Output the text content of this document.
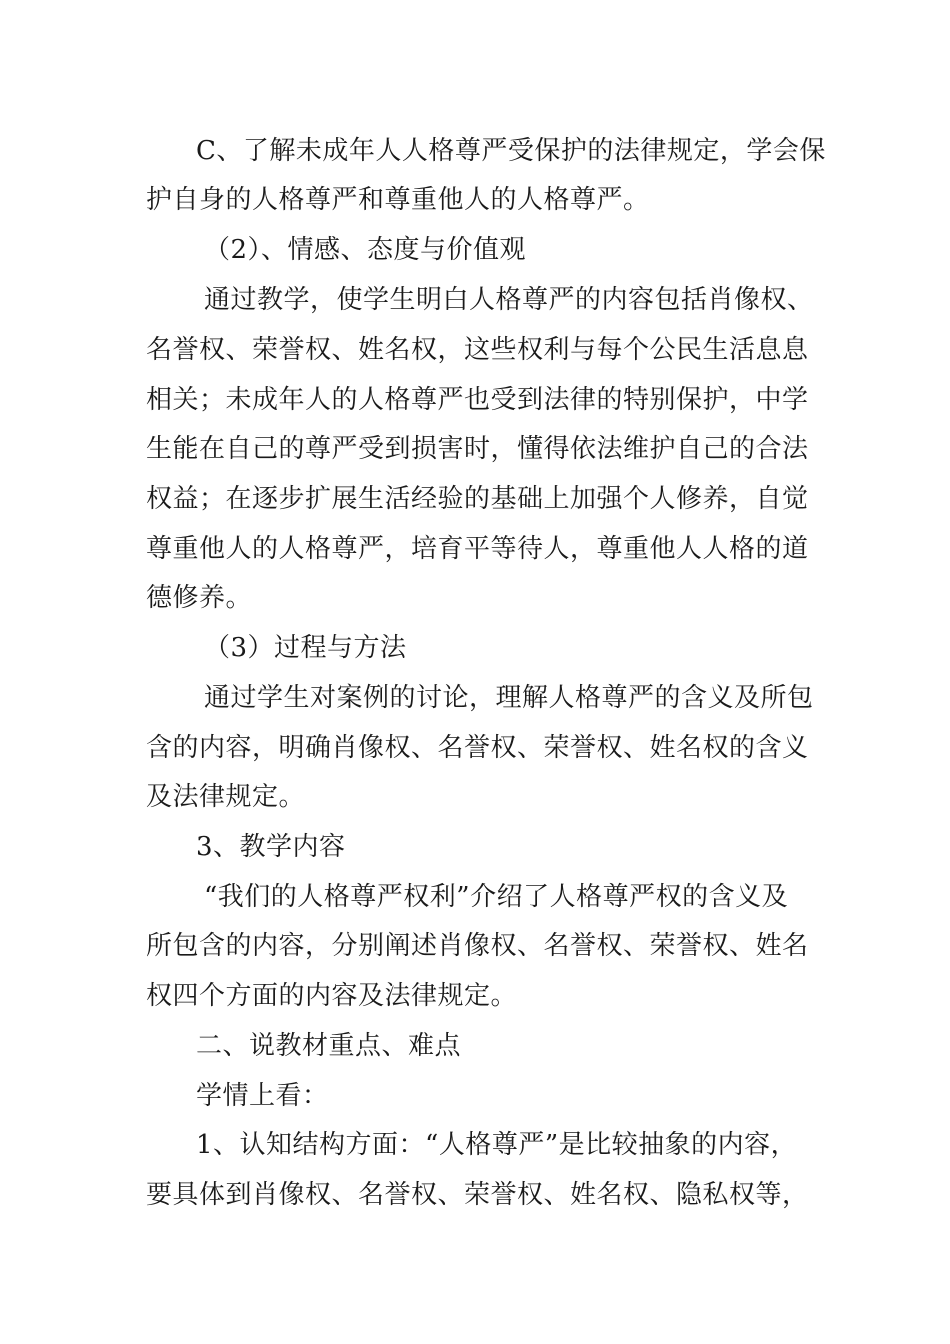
C、了解未成年人人格尊严受保护的法律规定，学会保
护自身的人格尊严和尊重他人的人格尊严。
（2）、情感、态度与价值观
通过教学，使学生明白人格尊严的内容包括肖像权、
名誉权、荣誉权、姓名权，这些权利与每个公民生活息息
相关；未成年人的人格尊严也受到法律的特别保护，中学
生能在自己的尊严受到损害时，懂得依法维护自己的合法
权益；在逐步扩展生活经验的基础上加强个人修养，自觉
尊重他人的人格尊严，培育平等待人，尊重他人人格的道
德修养。
（3）过程与方法
通过学生对案例的讨论，理解人格尊严的含义及所包
含的内容，明确肖像权、名誉权、荣誉权、姓名权的含义
及法律规定。
3、教学内容
“我们的人格尊严权利”介绍了人格尊严权的含义及
所包含的内容，分别阐述肖像权、名誉权、荣誉权、姓名
权四个方面的内容及法律规定。
二、说教材重点、难点
学情上看：
1、认知结构方面：“人格尊严”是比较抽象的内容，
要具体到肖像权、名誉权、荣誉权、姓名权、隐私权等，
